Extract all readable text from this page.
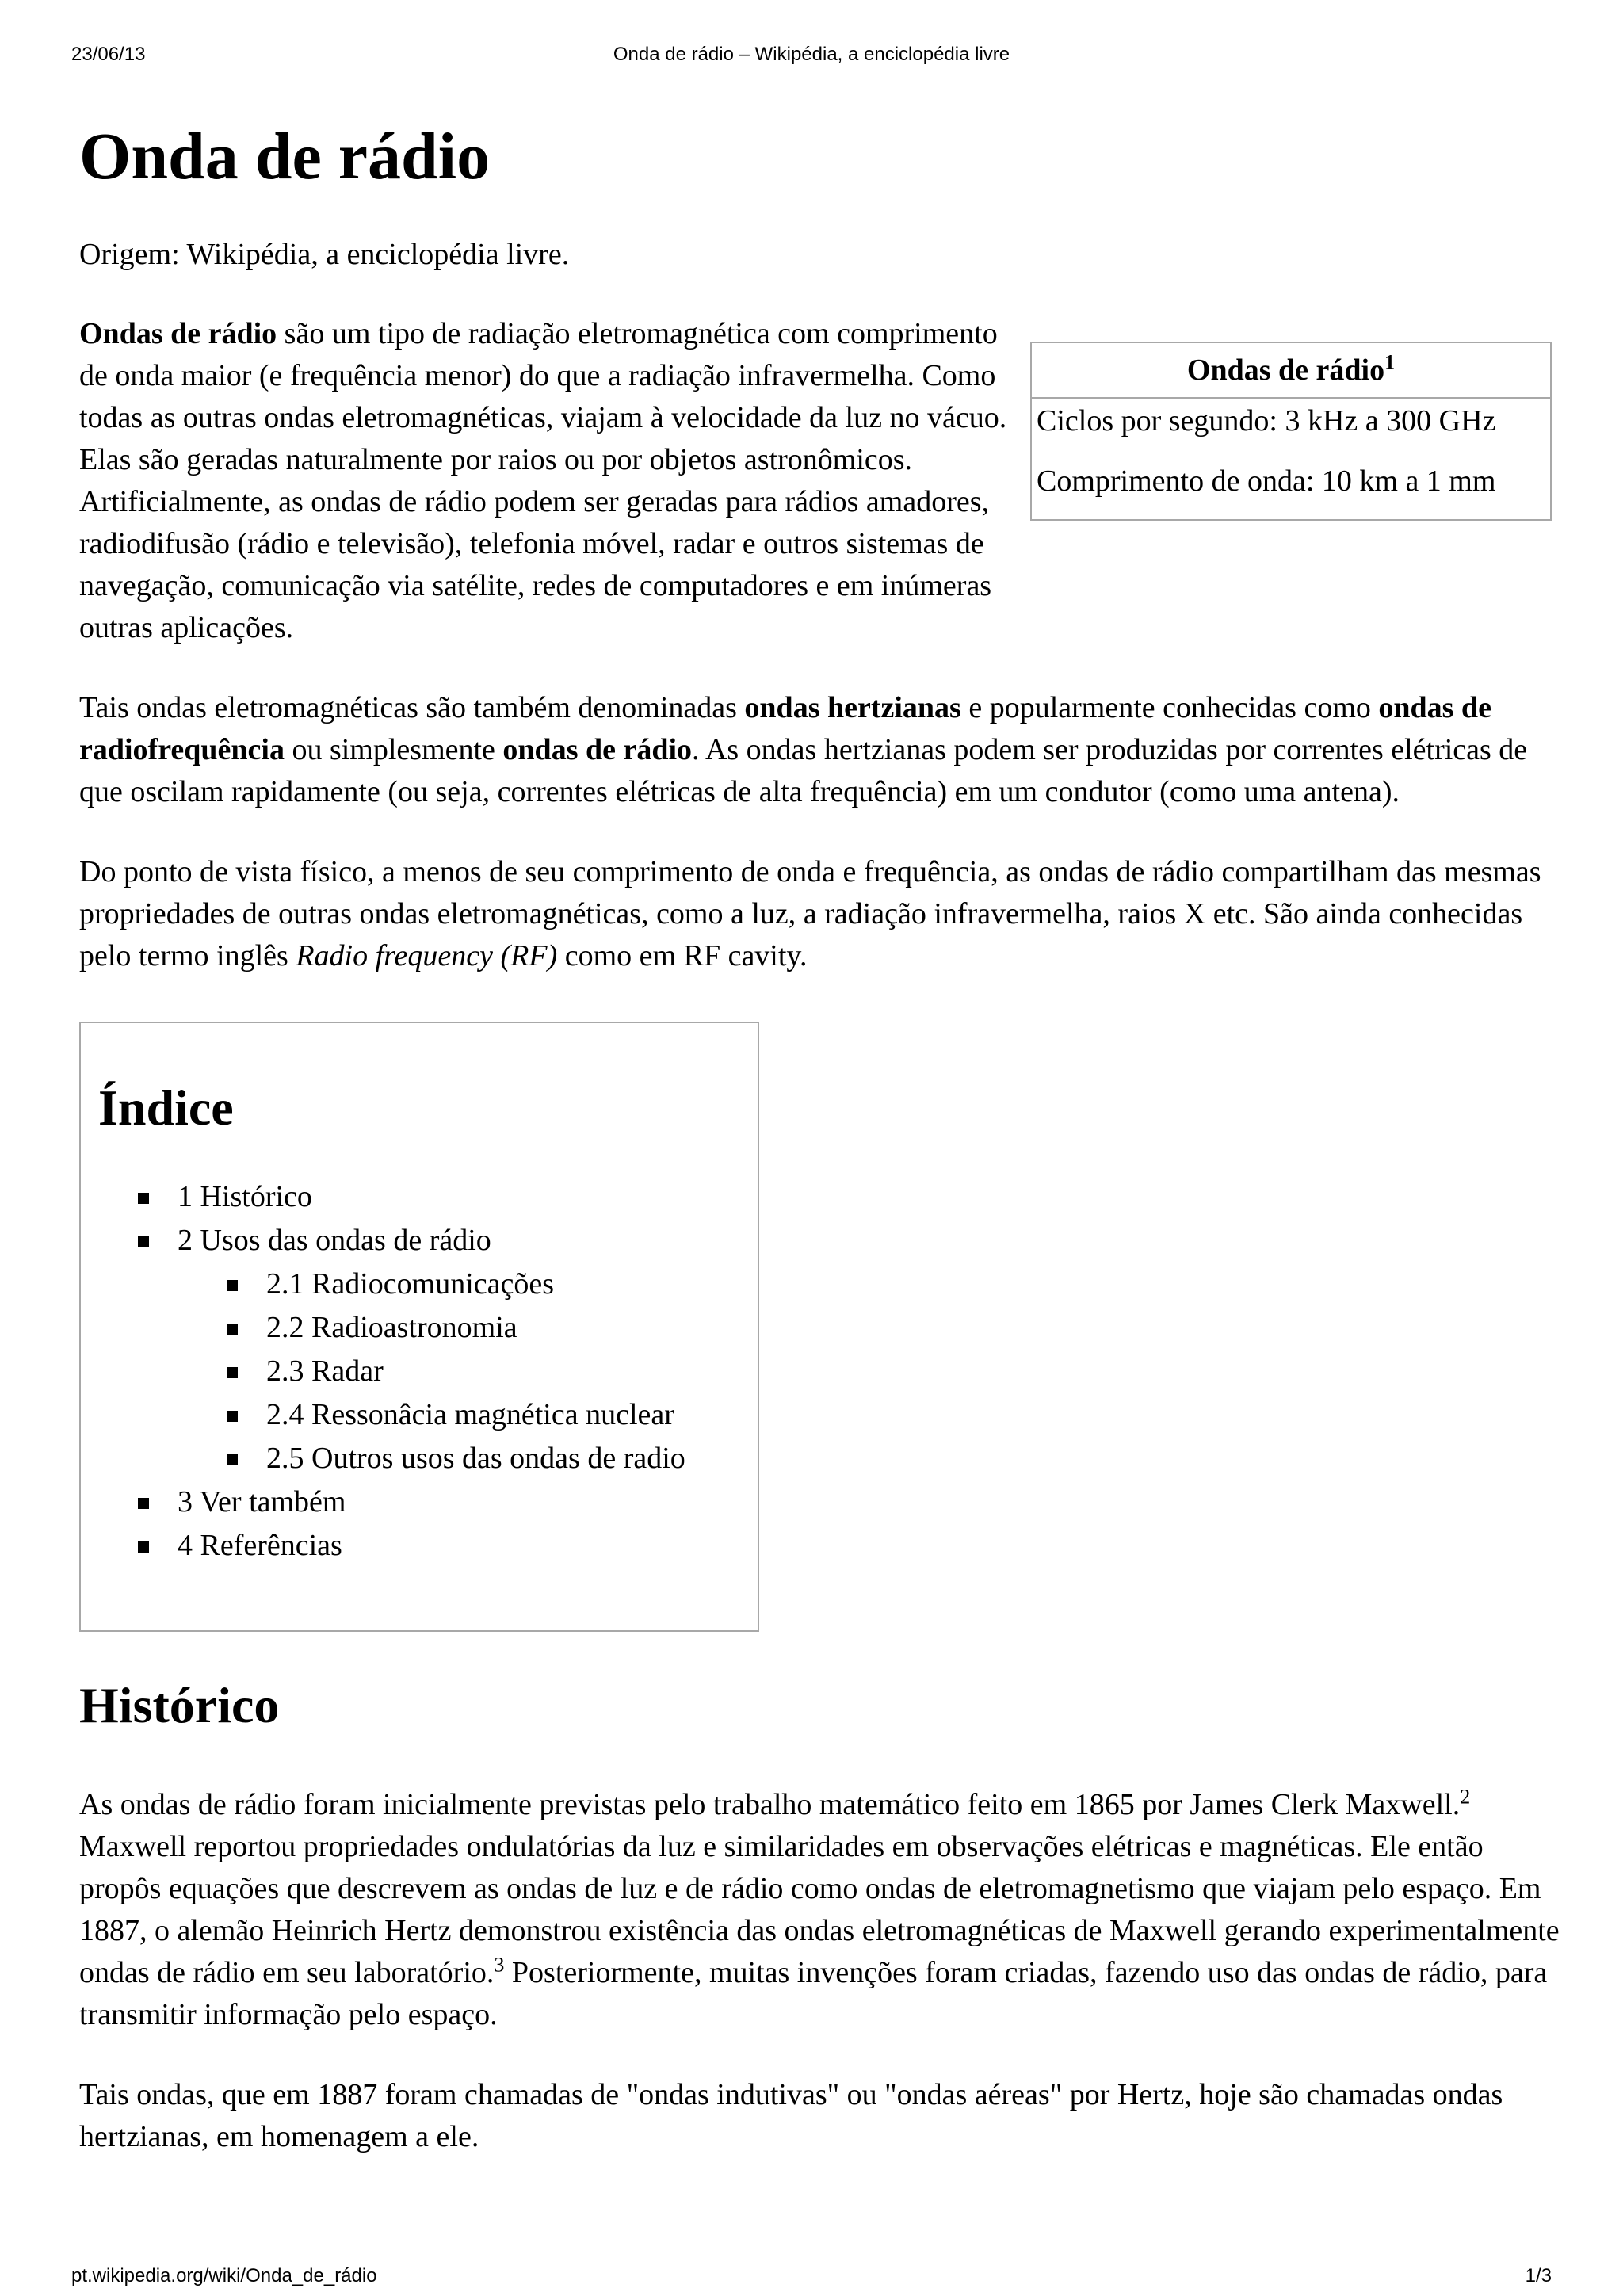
23/06/13	Onda de rádio – Wikipédia, a enciclopédia livre
Onda de rádio
Origem: Wikipédia, a enciclopédia livre.

Ondas de rádio são um tipo de radiação eletromagnética com comprimento de onda maior (e frequência menor) do que a radiação infravermelha. Como todas as outras ondas eletromagnéticas, viajam à velocidade da luz no vácuo. Elas são geradas naturalmente por raios ou por objetos astronômicos. Artificialmente, as ondas de rádio podem ser geradas para rádios amadores, radiodifusão (rádio e televisão), telefonia móvel, radar e outros sistemas de navegação, comunicação via satélite, redes de computadores e em inúmeras outras aplicações.

Ondas de rádio$^1$
Ciclos por segundo: 3 kHz a 300 GHz
Comprimento de onda: 10 km a 1 mm

Tais ondas eletromagnéticas são também denominadas ondas hertzianas e popularmente conhecidas como ondas de radiofrequência ou simplesmente ondas de rádio. As ondas hertzianas podem ser produzidas por correntes elétricas de que oscilam rapidamente (ou seja, correntes elétricas de alta frequência) em um condutor (como uma antena).

Do ponto de vista físico, a menos de seu comprimento de onda e frequência, as ondas de rádio compartilham das mesmas propriedades de outras ondas eletromagnéticas, como a luz, a radiação infravermelha, raios X etc. São ainda conhecidas pelo termo inglês Radio frequency (RF) como em RF cavity.

Índice
1 Histórico
2 Usos das ondas de rádio
2.1 Radiocomunicações
2.2 Radioastronomia
2.3 Radar
2.4 Ressonâcia magnética nuclear
2.5 Outros usos das ondas de radio
3 Ver também
4 Referências
Histórico

As ondas de rádio foram inicialmente previstas pelo trabalho matemático feito em 1865 por James Clerk Maxwell.$^2$ Maxwell reportou propriedades ondulatórias da luz e similaridades em observações elétricas e magnéticas. Ele então propôs equações que descrevem as ondas de luz e de rádio como ondas de eletromagnetismo que viajam pelo espaço. Em 1887, o alemão Heinrich Hertz demonstrou existência das ondas eletromagnéticas de Maxwell gerando experimentalmente ondas de rádio em seu laboratório.$^3$ Posteriormente, muitas invenções foram criadas, fazendo uso das ondas de rádio, para transmitir informação pelo espaço.

Tais ondas, que em 1887 foram chamadas de "ondas indutivas" ou "ondas aéreas" por Hertz, hoje são chamadas ondas hertzianas, em homenagem a ele.

pt.wikipedia.org/wiki/Onda_de_rádio	1/3
